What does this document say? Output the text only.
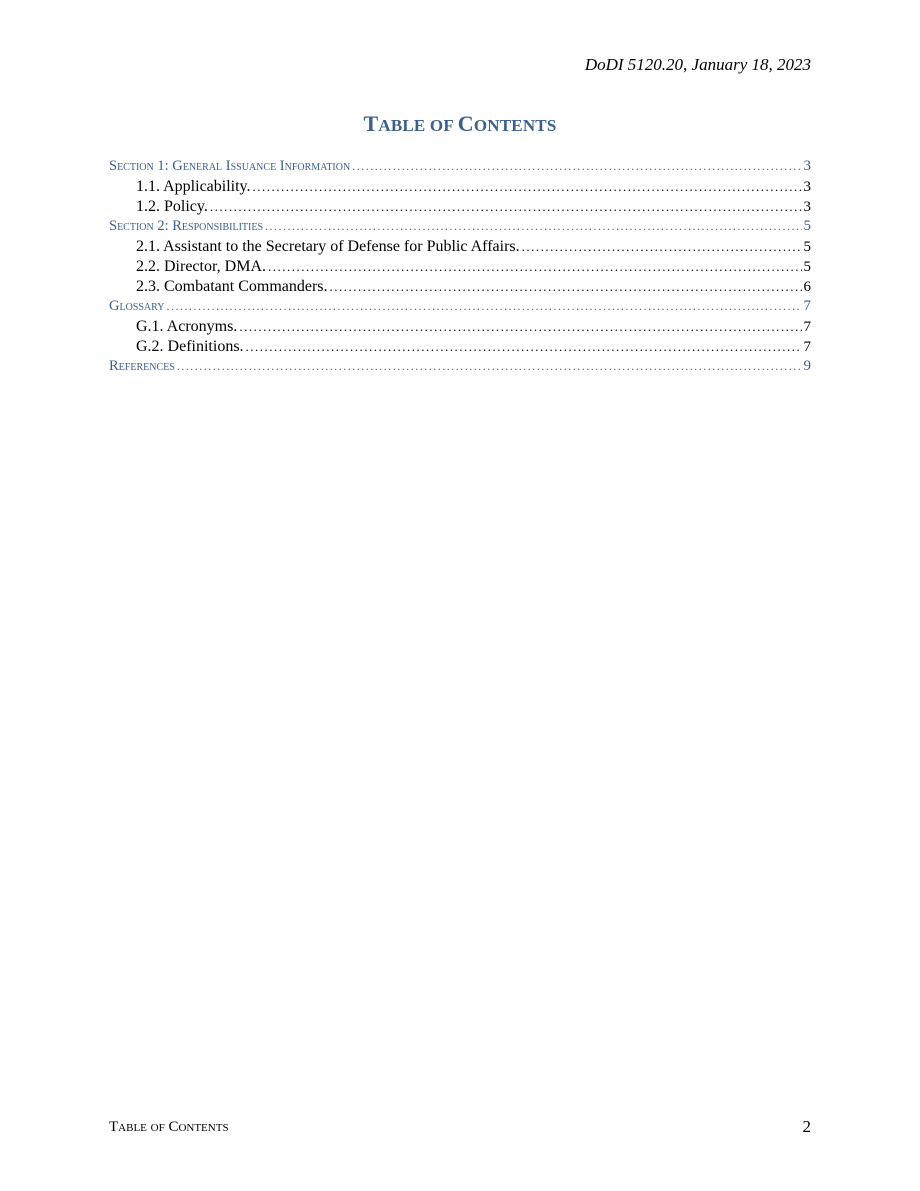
DoDI 5120.20, January 18, 2023
TABLE OF CONTENTS
Section 1: General Issuance Information .....	3
1.1. Applicability. .....	3
1.2. Policy. .....	3
Section 2: Responsibilities .....	5
2.1. Assistant to the Secretary of Defense for Public Affairs. .....	5
2.2. Director, DMA. .....	5
2.3. Combatant Commanders. .....	6
Glossary .....	7
G.1. Acronyms. .....	7
G.2. Definitions. .....	7
References .....	9
Table of Contents	2
